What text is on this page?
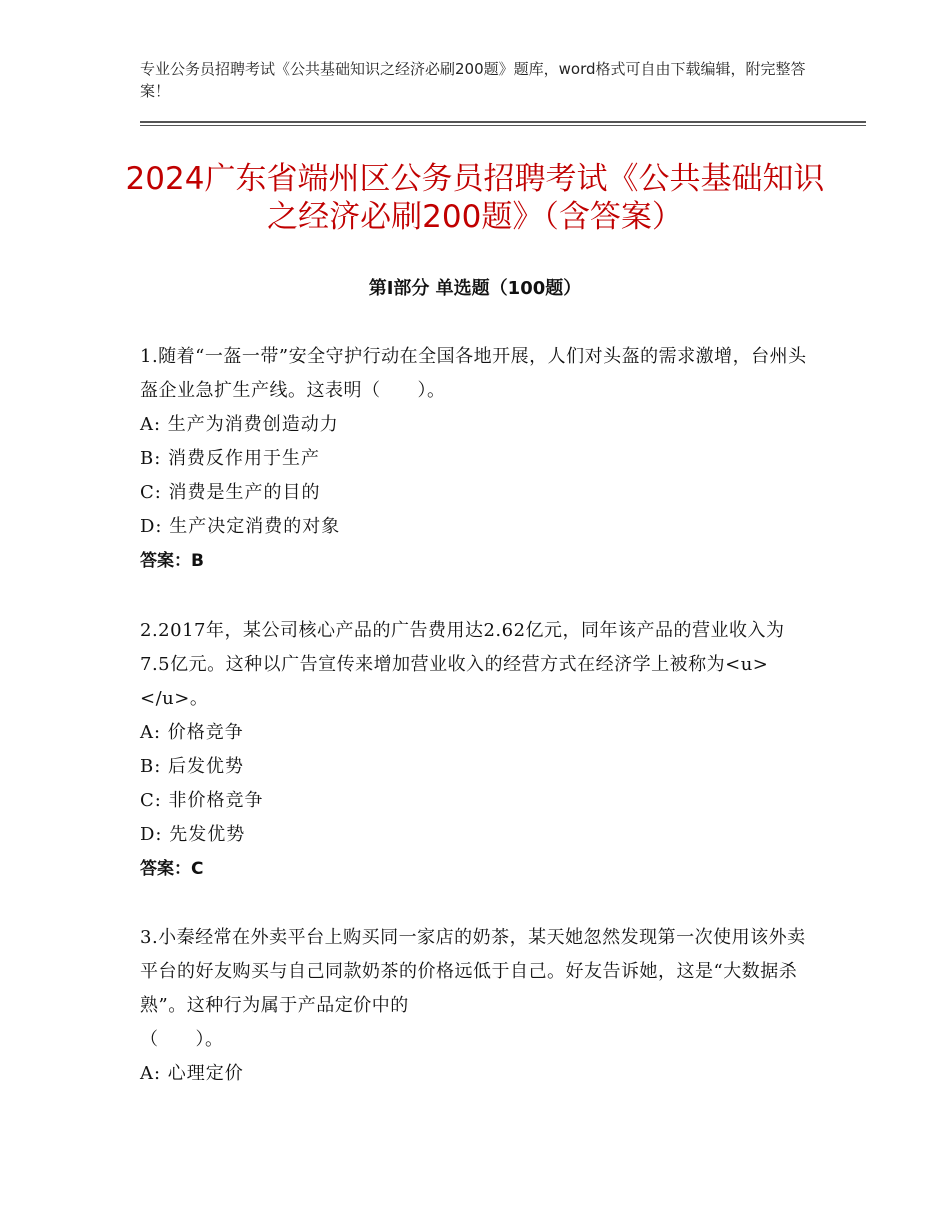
专业公务员招聘考试《公共基础知识之经济必刷200题》题库，word格式可自由下载编辑，附完整答案！
2024广东省端州区公务员招聘考试《公共基础知识之经济必刷200题》（含答案）
第Ⅰ部分 单选题（100题）

1.随着“一盔一带”安全守护行动在全国各地开展，人们对头盔的需求激增，台州头盔企业急扩生产线。这表明（　　）。

A: 生产为消费创造动力

B: 消费反作用于生产

C: 消费是生产的目的

D: 生产决定消费的对象

答案：B

2.2017年，某公司核心产品的广告费用达2.62亿元，同年该产品的营业收入为7.5亿元。这种以广告宣传来增加营业收入的经营方式在经济学上被称为<u>　　　</u>。

A: 价格竞争

B: 后发优势

C: 非价格竞争

D: 先发优势

答案：C

3.小秦经常在外卖平台上购买同一家店的奶茶，某天她忽然发现第一次使用该外卖平台的好友购买与自己同款奶茶的价格远低于自己。好友告诉她，这是“大数据杀熟”。这种行为属于产品定价中的
（　　）。

A: 心理定价
